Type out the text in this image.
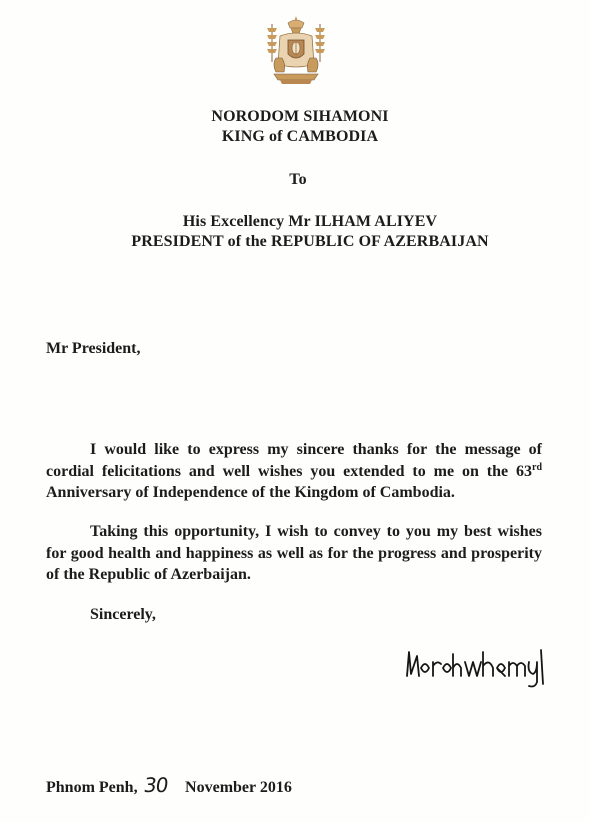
NORODOM SIHAMONI
KING of CAMBODIA
To
His Excellency Mr ILHAM ALIYEV
PRESIDENT of the REPUBLIC OF AZERBAIJAN
Mr President,
I would like to express my sincere thanks for the message of cordial felicitations and well wishes you extended to me on the 63rd Anniversary of Independence of the Kingdom of Cambodia.
Taking this opportunity, I wish to convey to you my best wishes for good health and happiness as well as for the progress and prosperity of the Republic of Azerbaijan.
Sincerely,
Phnom Penh, 30 November 2016
